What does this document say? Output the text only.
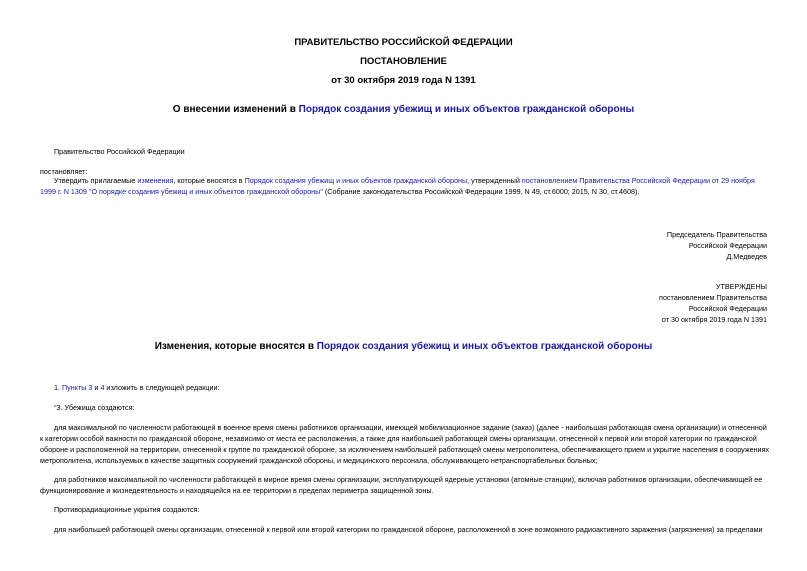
ПРАВИТЕЛЬСТВО РОССИЙСКОЙ ФЕДЕРАЦИИ
ПОСТАНОВЛЕНИЕ
от 30 октября 2019 года N 1391
О внесении изменений в Порядок создания убежищ и иных объектов гражданской обороны
Правительство Российской Федерации
постановляет:
Утвердить прилагаемые изменения, которые вносятся в Порядок создания убежищ и иных объектов гражданской обороны, утвержденный постановлением Правительства Российской Федерации от 29 ноября 1999 г. N 1309 "О порядке создания убежищ и иных объектов гражданской обороны" (Собрание законодательства Российской Федерации 1999, N 49, ст.6000; 2015, N 30, ст.4608).
Председатель Правительства
Российской Федерации
Д.Медведев
УТВЕРЖДЕНЫ
постановлением Правительства
Российской Федерации
от 30 октября 2019 года N 1391
Изменения, которые вносятся в Порядок создания убежищ и иных объектов гражданской обороны
1. Пункты 3 и 4 изложить в следующей редакции:
"3. Убежища создаются:
для максимальной по численности работающей в военное время смены работников организации, имеющей мобилизационное задание (заказ) (далее - наибольшая работающая смена организации) и отнесенной к категории особой важности по гражданской обороне, независимо от места ее расположения, а также для наибольшей работающей смены организации, отнесенной к первой или второй категории по гражданской обороне и расположенной на территории, отнесенной к группе по гражданской обороне, за исключением наибольшей работающей смены метрополитена, обеспечивающего прием и укрытие населения в сооружениях метрополитена, используемых в качестве защитных сооружений гражданской обороны, и медицинского персонала, обслуживающего нетранспортабельных больных;
для работников максимальной по численности работающей в мирное время смены организации, эксплуатирующей ядерные установки (атомные станции), включая работников организации, обеспечивающей ее функционирование и жизнедеятельность и находящейся на ее территории в пределах периметра защищенной зоны.
Противорадиационные укрытия создаются:
для наибольшей работающей смены организации, отнесенной к первой или второй категории по гражданской обороне, расположенной в зоне возможного радиоактивного заражения (загрязнения) за пределами
